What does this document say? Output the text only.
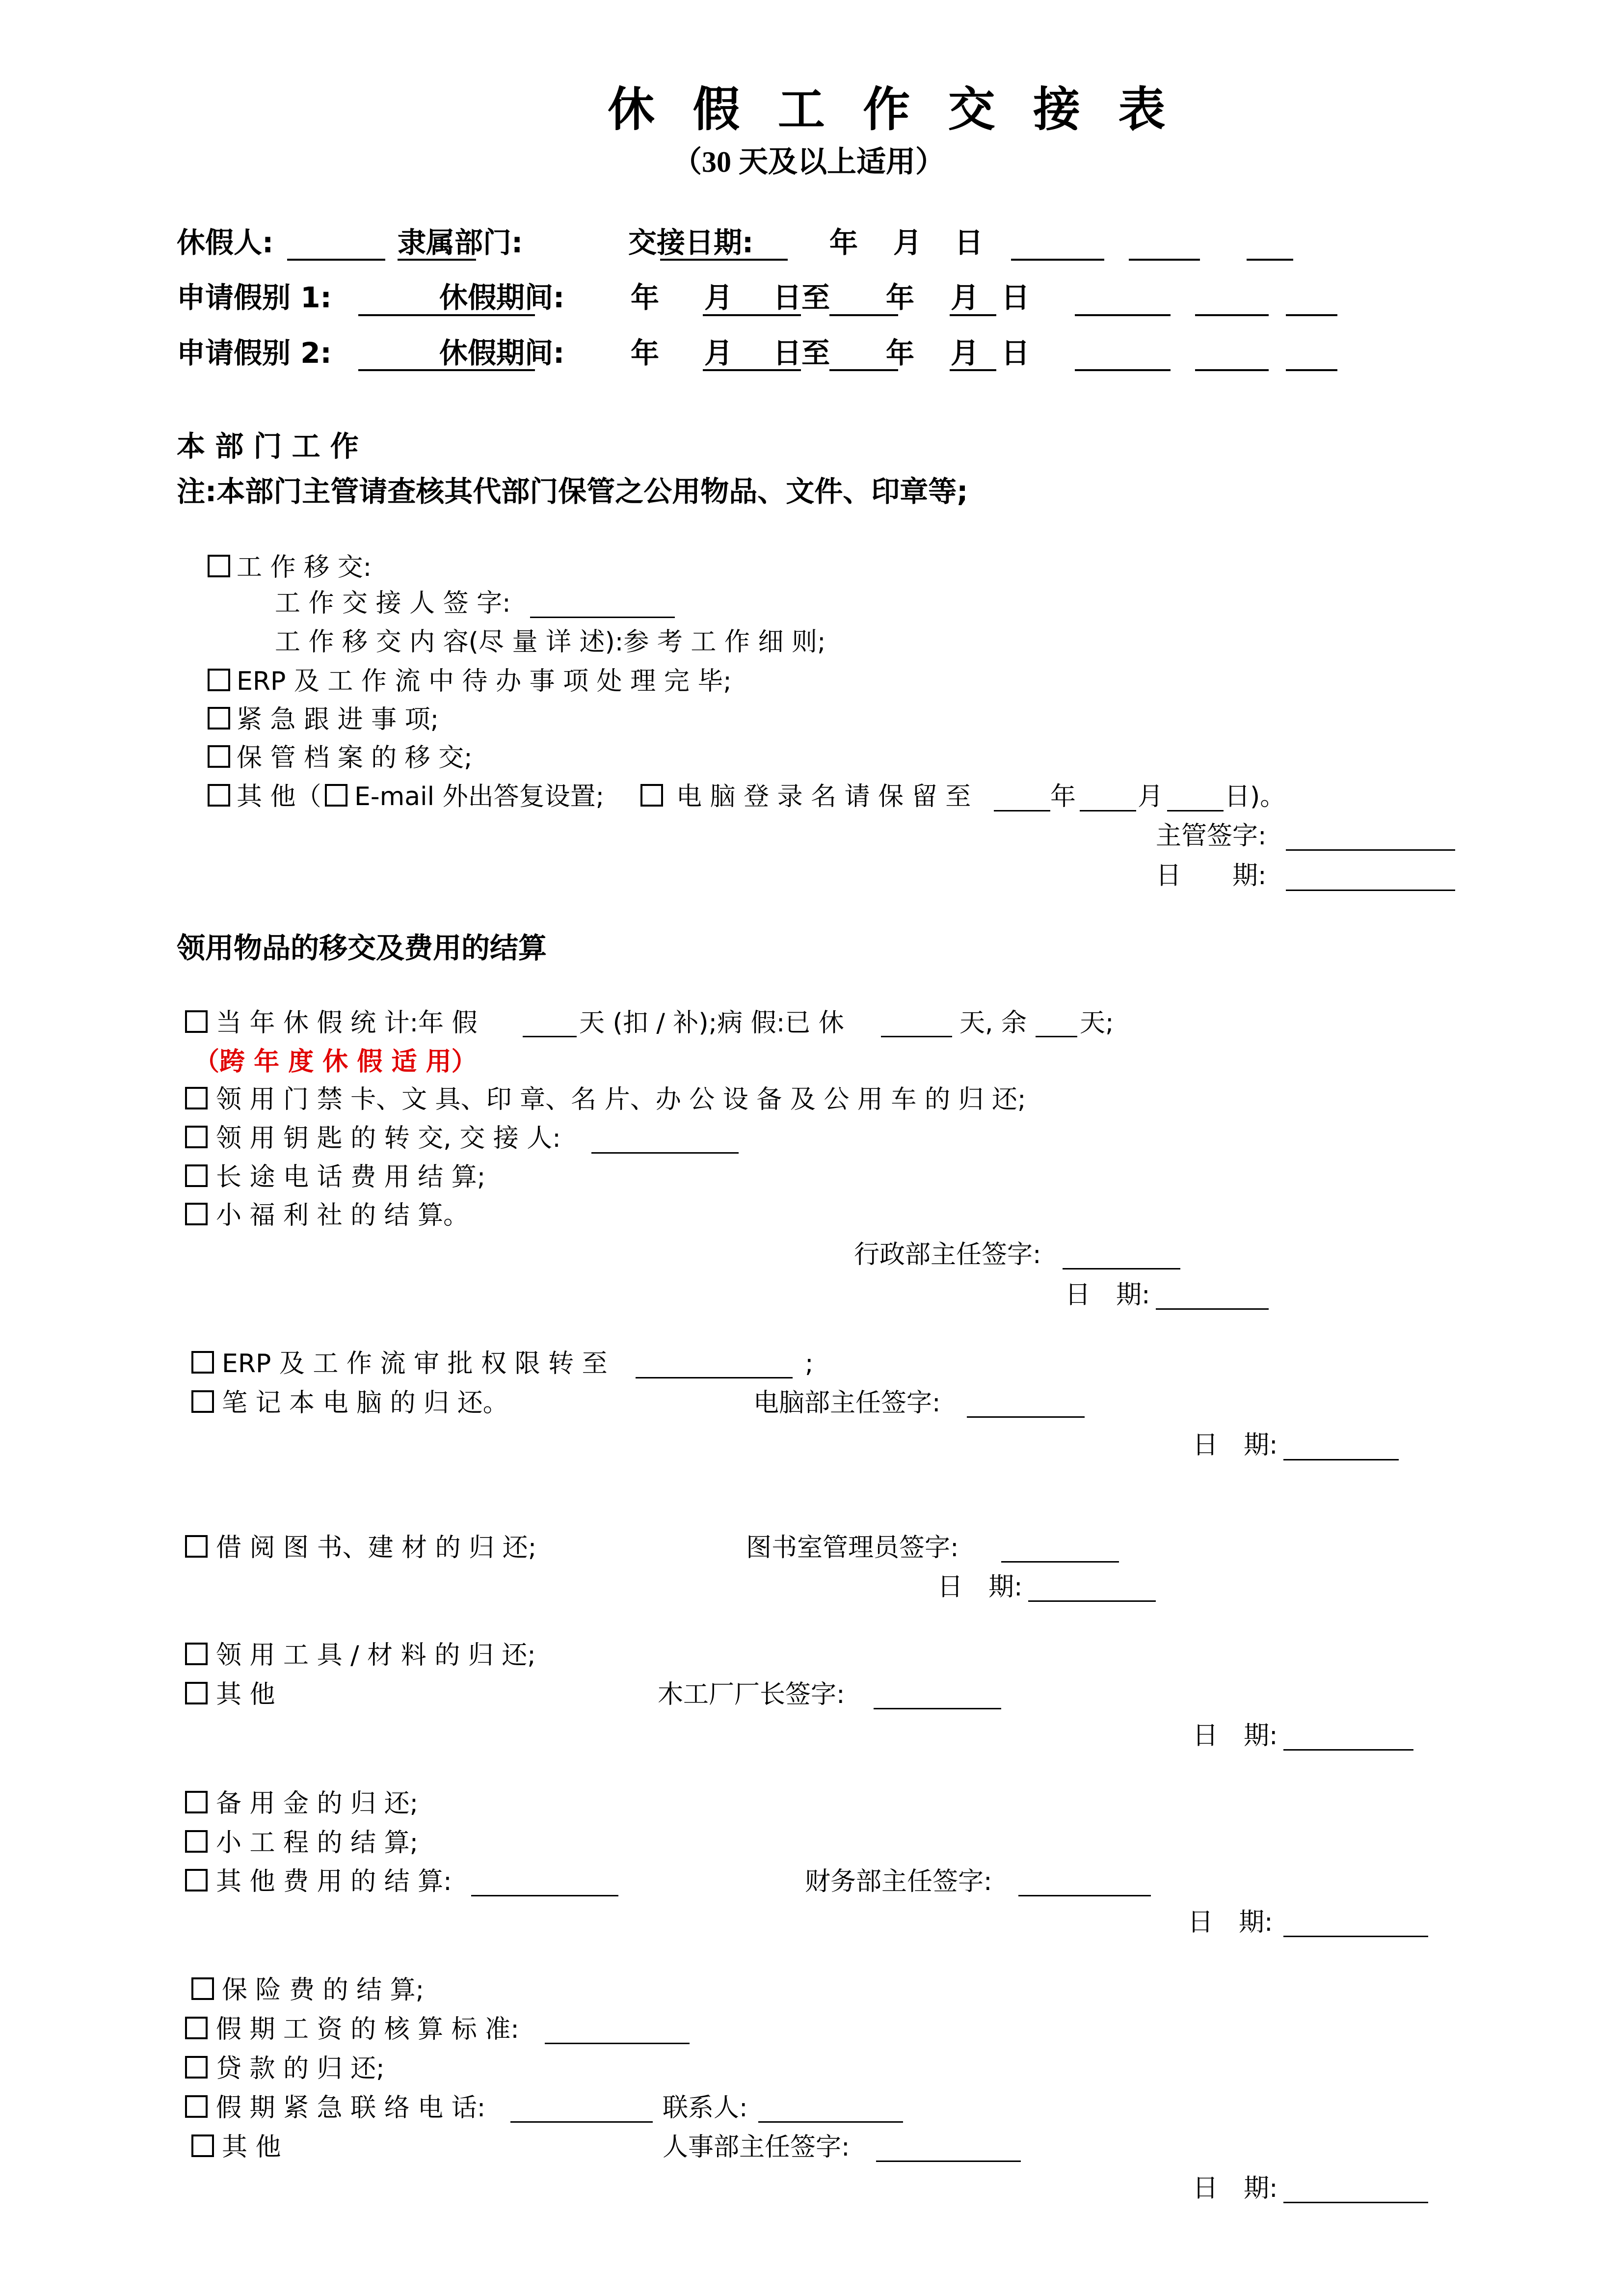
休 假 工 作 交 接 表
（30 天及以上适用）
休假人:	隶属部门:	交接日期:	年 月 日
申请假别 1:	休假期间: 年 月 日至 年 月 日
申请假别 2:	休假期间: 年 月 日至 年 月 日
本 部 门 工 作
注:本部门主管请查核其代部门保管之公用物品、文件、印章等;
工 作 移 交:
工 作 交 接 人 签 字:
工 作 移 交 内 容(尽 量 详 述):参 考 工 作 细 则;
ERP 及 工 作 流 中 待 办 事 项 处 理 完 毕;
紧 急 跟 进 事 项;
保 管 档 案 的 移 交;
其 他（ E-mail 外出答复设置;	电 脑 登 录 名 请 保 留 至	年 月 日)。
主管签字:
日　　期:
领用物品的移交及费用的结算
当 年 休 假 统 计:年 假	天 (扣 / 补);病 假:已 休	天, 余 天;
（跨 年 度 休 假 适 用）
领 用 门 禁 卡、文 具、印 章、名 片、办 公 设 备 及 公 用 车 的 归 还;
领 用 钥 匙 的 转 交, 交 接 人:
长 途 电 话 费 用 结 算;
小 福 利 社 的 结 算。
行政部主任签字:
日　期:
ERP 及 工 作 流 审 批 权 限 转 至	;
笔 记 本 电 脑 的 归 还。	电脑部主任签字:
日　期:
借 阅 图 书、建 材 的 归 还;	图书室管理员签字:
日　期:
领 用 工 具 / 材 料 的 归 还;
其 他	木工厂厂长签字:
日　期:
备 用 金 的 归 还;
小 工 程 的 结 算;
其 他 费 用 的 结 算:	财务部主任签字:
日　期:
保 险 费 的 结 算;
假 期 工 资 的 核 算 标 准:
贷 款 的 归 还;
假 期 紧 急 联 络 电 话:	联系人:
其 他	人事部主任签字:
日　期:
